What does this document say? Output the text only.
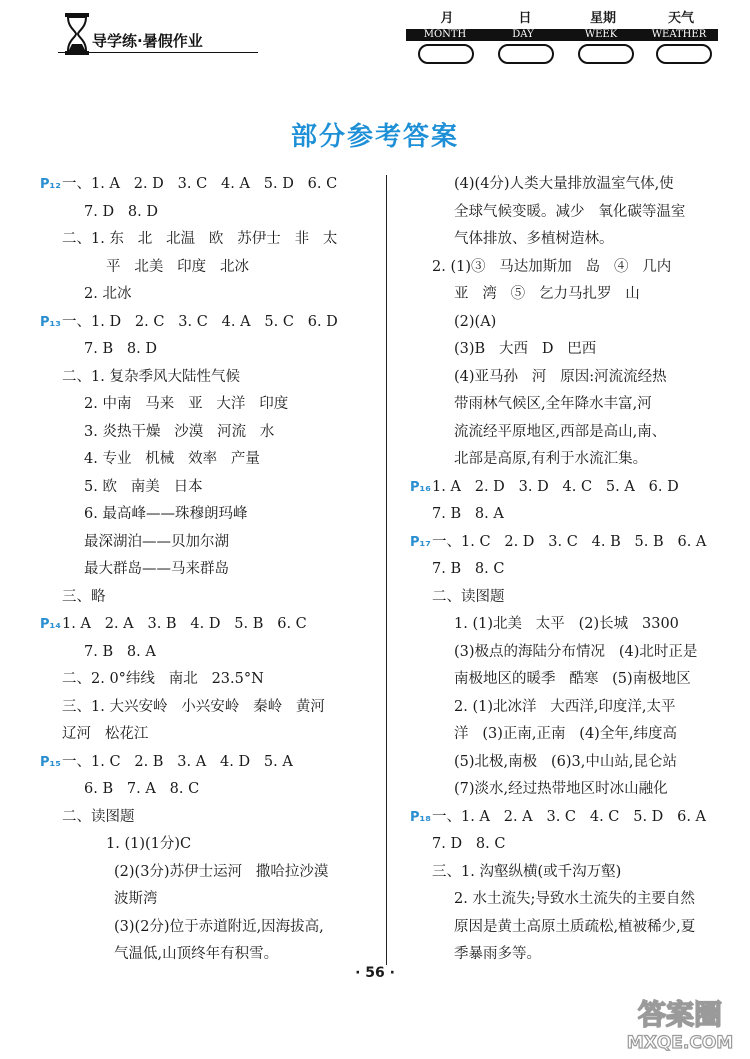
导学练·暑假作业
月	日	星期	天气
MONTH	DAY	WEEK	WEATHER
部分参考答案
P₁₂一、1. A   2. D   3. C   4. A   5. D   6. C
7. D   8. D
二、1. 东   北   北温   欧   苏伊士   非   太
平   北美   印度   北冰
2. 北冰
P₁₃一、1. D   2. C   3. C   4. A   5. C   6. D
7. B   8. D
二、1. 复杂季风大陆性气候
2. 中南   马来   亚   大洋   印度
3. 炎热干燥   沙漠   河流   水
4. 专业   机械   效率   产量
5. 欧   南美   日本
6. 最高峰——珠穆朗玛峰
最深湖泊——贝加尔湖
最大群岛——马来群岛
三、略
P₁₄1. A   2. A   3. B   4. D   5. B   6. C
7. B   8. A
二、2. 0°纬线   南北   23.5°N
三、1. 大兴安岭   小兴安岭   秦岭   黄河
辽河   松花江
P₁₅一、1. C   2. B   3. A   4. D   5. A
6. B   7. A   8. C
二、读图题
1. (1)(1分)C
(2)(3分)苏伊士运河   撒哈拉沙漠
波斯湾
(3)(2分)位于赤道附近,因海拔高,
气温低,山顶终年有积雪。
(4)(4分)人类大量排放温室气体,使
全球气候变暖。减少   氧化碳等温室
气体排放、多植树造林。
2. (1)③   马达加斯加   岛   ④   几内
亚   湾   ⑤   乞力马扎罗   山
(2)(A)
(3)B   大西   D   巴西
(4)亚马孙   河   原因:河流流经热
带雨林气候区,全年降水丰富,河
流流经平原地区,西部是高山,南、
北部是高原,有利于水流汇集。
P₁₆1. A   2. D   3. D   4. C   5. A   6. D
7. B   8. A
P₁₇一、1. C   2. D   3. C   4. B   5. B   6. A
7. B   8. C
二、读图题
1. (1)北美   太平   (2)长城   3300
(3)极点的海陆分布情况   (4)北时正是
南极地区的暖季   酷寒   (5)南极地区
2. (1)北冰洋   大西洋,印度洋,太平
洋   (3)正南,正南   (4)全年,纬度高
(5)北极,南极   (6)3,中山站,昆仑站
(7)淡水,经过热带地区时冰山融化
P₁₈一、1. A   2. A   3. C   4. C   5. D   6. A
7. D   8. C
三、1. 沟壑纵横(或千沟万壑)
2. 水土流失;导致水土流失的主要自然
原因是黄土高原土质疏松,植被稀少,夏
季暴雨多等。
· 56 ·
答案圈
MXQE.COM
